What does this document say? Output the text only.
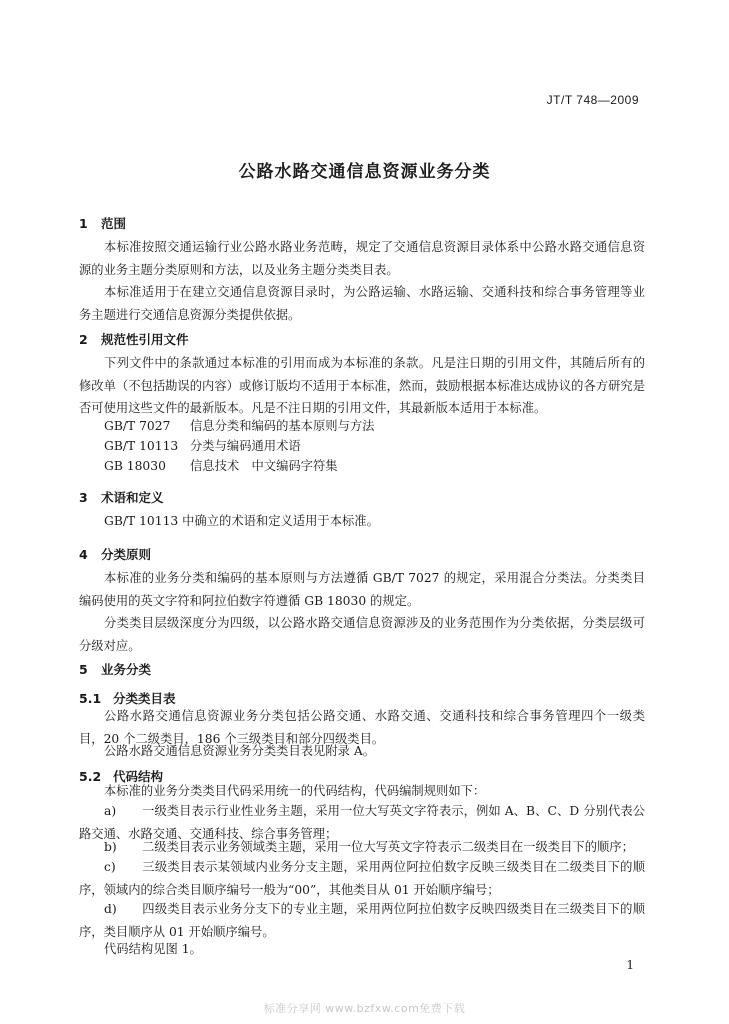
JT/T 748—2009
公路水路交通信息资源业务分类
1 范围
本标准按照交通运输行业公路水路业务范畴，规定了交通信息资源目录体系中公路水路交通信息资源的业务主题分类原则和方法，以及业务主题分类类目表。
本标准适用于在建立交通信息资源目录时，为公路运输、水路运输、交通科技和综合事务管理等业务主题进行交通信息资源分类提供依据。
2 规范性引用文件
下列文件中的条款通过本标准的引用而成为本标准的条款。凡是注日期的引用文件，其随后所有的修改单（不包括勘误的内容）或修订版均不适用于本标准，然而，鼓励根据本标准达成协议的各方研究是否可使用这些文件的最新版本。凡是不注日期的引用文件，其最新版本适用于本标准。
GB/T 7027 信息分类和编码的基本原则与方法
GB/T 10113 分类与编码通用术语
GB 18030 信息技术　中文编码字符集
3 术语和定义
GB/T 10113 中确立的术语和定义适用于本标准。
4 分类原则
本标准的业务分类和编码的基本原则与方法遵循 GB/T 7027 的规定，采用混合分类法。分类类目编码使用的英文字符和阿拉伯数字符遵循 GB 18030 的规定。
分类类目层级深度分为四级，以公路水路交通信息资源涉及的业务范围作为分类依据，分类层级可分级对应。
5 业务分类
5.1 分类类目表
公路水路交通信息资源业务分类包括公路交通、水路交通、交通科技和综合事务管理四个一级类目，20 个二级类目，186 个三级类目和部分四级类目。
公路水路交通信息资源业务分类类目表见附录 A。
5.2 代码结构
本标准的业务分类类目代码采用统一的代码结构，代码编制规则如下：
a) 一级类目表示行业性业务主题，采用一位大写英文字符表示，例如 A、B、C、D 分别代表公路交通、水路交通、交通科技、综合事务管理；
b) 二级类目表示业务领域类主题，采用一位大写英文字符表示二级类目在一级类目下的顺序；
c) 三级类目表示某领域内业务分支主题，采用两位阿拉伯数字反映三级类目在二级类目下的顺序，领域内的综合类目顺序编号一般为“00”，其他类目从 01 开始顺序编号；
d) 四级类目表示业务分支下的专业主题，采用两位阿拉伯数字反映四级类目在三级类目下的顺序，类目顺序从 01 开始顺序编号。
代码结构见图 1。
1
标准分享网 www.bzfxw.com免费下载
